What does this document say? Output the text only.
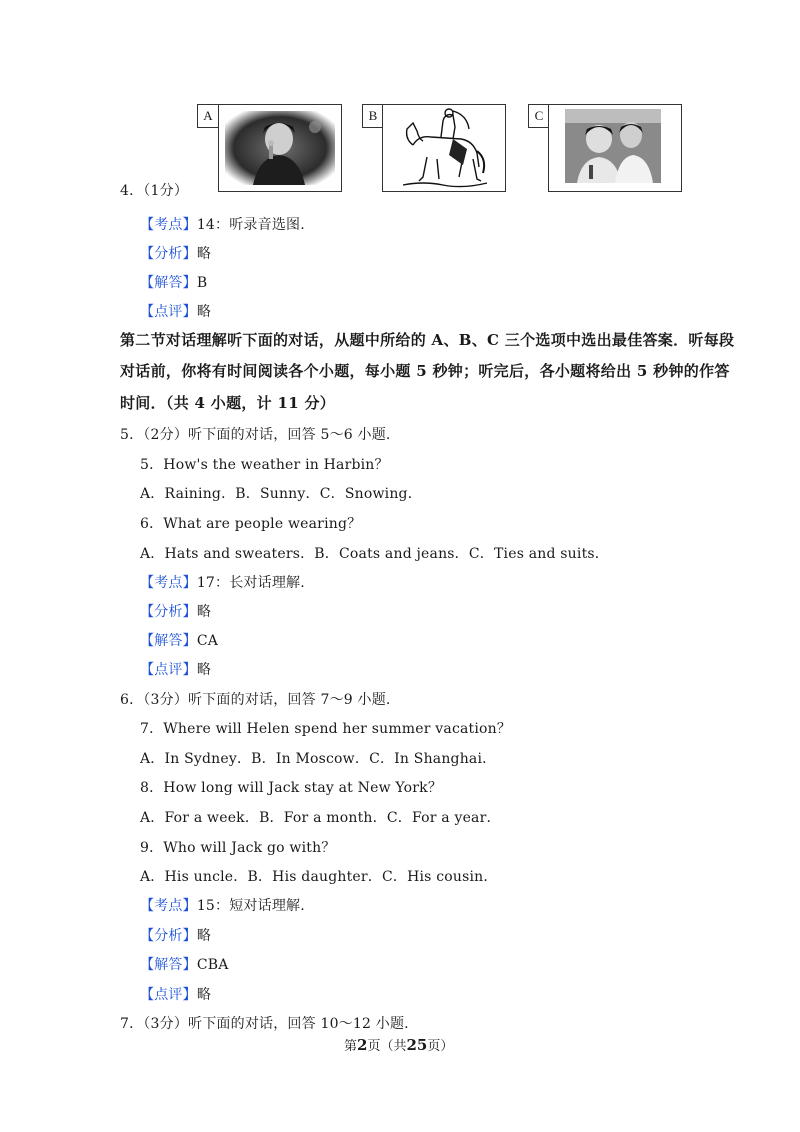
A	B	C
4．（1分）
【考点】14：听录音选图.
【分析】略
【解答】B
【点评】略
第二节对话理解听下面的对话，从题中所给的 A、B、C 三个选项中选出最佳答案．听每段
对话前，你将有时间阅读各个小题，每小题 5 秒钟；听完后，各小题将给出 5 秒钟的作答
时间．（共 4 小题，计 11 分）
5．（2分）听下面的对话，回答 5～6 小题.
5．How's the weather in Harbin？
A．Raining．B．Sunny．C．Snowing．
6．What are people wearing？
A．Hats and sweaters．B．Coats and jeans．C．Ties and suits．
【考点】17：长对话理解.
【分析】略
【解答】CA
【点评】略
6．（3分）听下面的对话，回答 7～9 小题.
7．Where will Helen spend her summer vacation？
A．In Sydney．B．In Moscow．C．In Shanghai．
8．How long will Jack stay at New York？
A．For a week．B．For a month．C．For a year．
9．Who will Jack go with？
A．His uncle．B．His daughter．C．His cousin．
【考点】15：短对话理解.
【分析】略
【解答】CBA
【点评】略
7．（3分）听下面的对话，回答 10～12 小题.
第2页（共25页）
